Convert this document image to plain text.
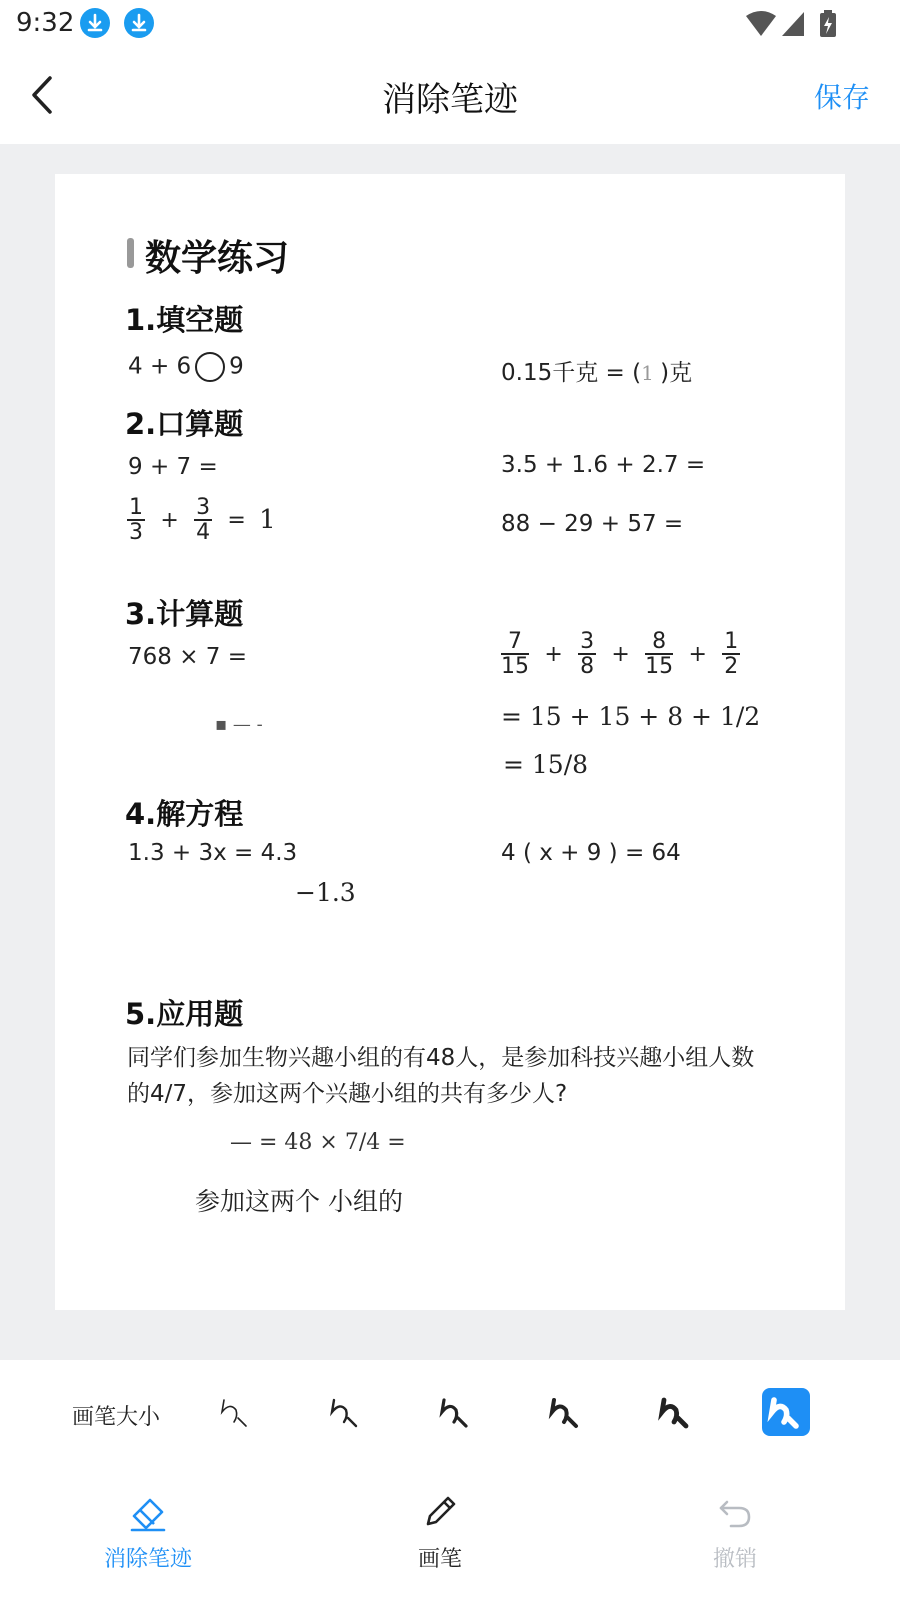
9:32
消除笔迹	保存
数学练习
1.填空题
4 + 6 9	0.15千克 = (1 )克
2.口算题
9 + 7 =	3.5 + 1.6 + 2.7 =
$\frac{1}{3} + \frac{3}{4} = 1$	88 − 29 + 57 =
3.计算题
768 × 7 =	$\frac{7}{15} + \frac{3}{8} + \frac{8}{15} + \frac{1}{2}$
▪ — -	= 15 + 15 + 8 + 1/2
= 15/8
4.解方程
1.3 + 3x = 4.3	4 ( x + 9 ) = 64
−1.3
5.应用题
同学们参加生物兴趣小组的有48人，是参加科技兴趣小组人数的4/7，参加这两个兴趣小组的共有多少人?
— = 48 × 7/4 =
参加这两个 小组的
画笔大小
消除笔迹	画笔	撤销
